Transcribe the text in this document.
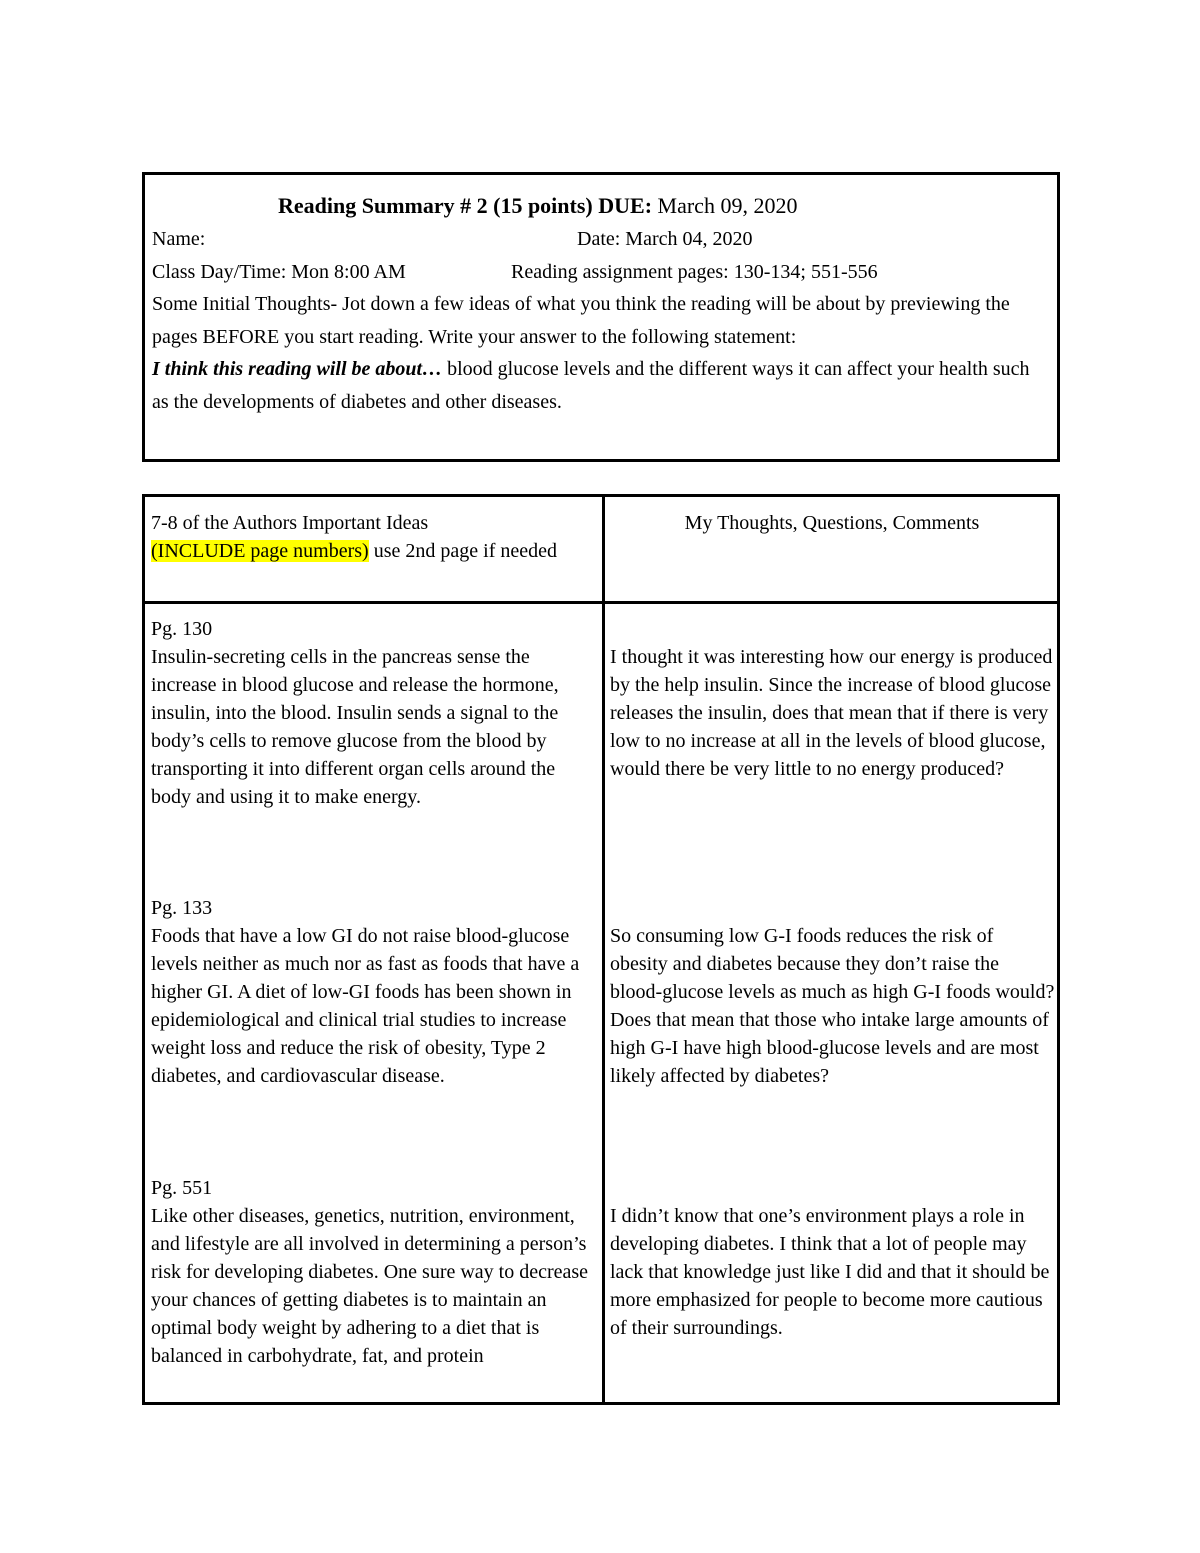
Reading Summary # 2 (15 points) DUE: March 09, 2020
Name:	Date: March 04, 2020
Class Day/Time: Mon 8:00 AM	Reading assignment pages: 130-134; 551-556
Some Initial Thoughts- Jot down a few ideas of what you think the reading will be about by previewing the pages BEFORE you start reading. Write your answer to the following statement:
I think this reading will be about… blood glucose levels and the different ways it can affect your health such as the developments of diabetes and other diseases.
7-8 of the Authors Important Ideas
(INCLUDE page numbers) use 2nd page if needed
My Thoughts, Questions, Comments
Pg. 130
Insulin-secreting cells in the pancreas sense the increase in blood glucose and release the hormone, insulin, into the blood. Insulin sends a signal to the body’s cells to remove glucose from the blood by transporting it into different organ cells around the body and using it to make energy.
I thought it was interesting how our energy is produced by the help insulin. Since the increase of blood glucose releases the insulin, does that mean that if there is very low to no increase at all in the levels of blood glucose, would there be very little to no energy produced?
Pg. 133
Foods that have a low GI do not raise blood-glucose levels neither as much nor as fast as foods that have a higher GI. A diet of low-GI foods has been shown in epidemiological and clinical trial studies to increase weight loss and reduce the risk of obesity, Type 2 diabetes, and cardiovascular disease.
So consuming low G-I foods reduces the risk of obesity and diabetes because they don’t raise the blood-glucose levels as much as high G-I foods would? Does that mean that those who intake large amounts of high G-I have high blood-glucose levels and are most likely affected by diabetes?
Pg. 551
Like other diseases, genetics, nutrition, environment, and lifestyle are all involved in determining a person’s risk for developing diabetes. One sure way to decrease your chances of getting diabetes is to maintain an optimal body weight by adhering to a diet that is balanced in carbohydrate, fat, and protein
I didn’t know that one’s environment plays a role in developing diabetes. I think that a lot of people may lack that knowledge just like I did and that it should be more emphasized for people to become more cautious of their surroundings.
